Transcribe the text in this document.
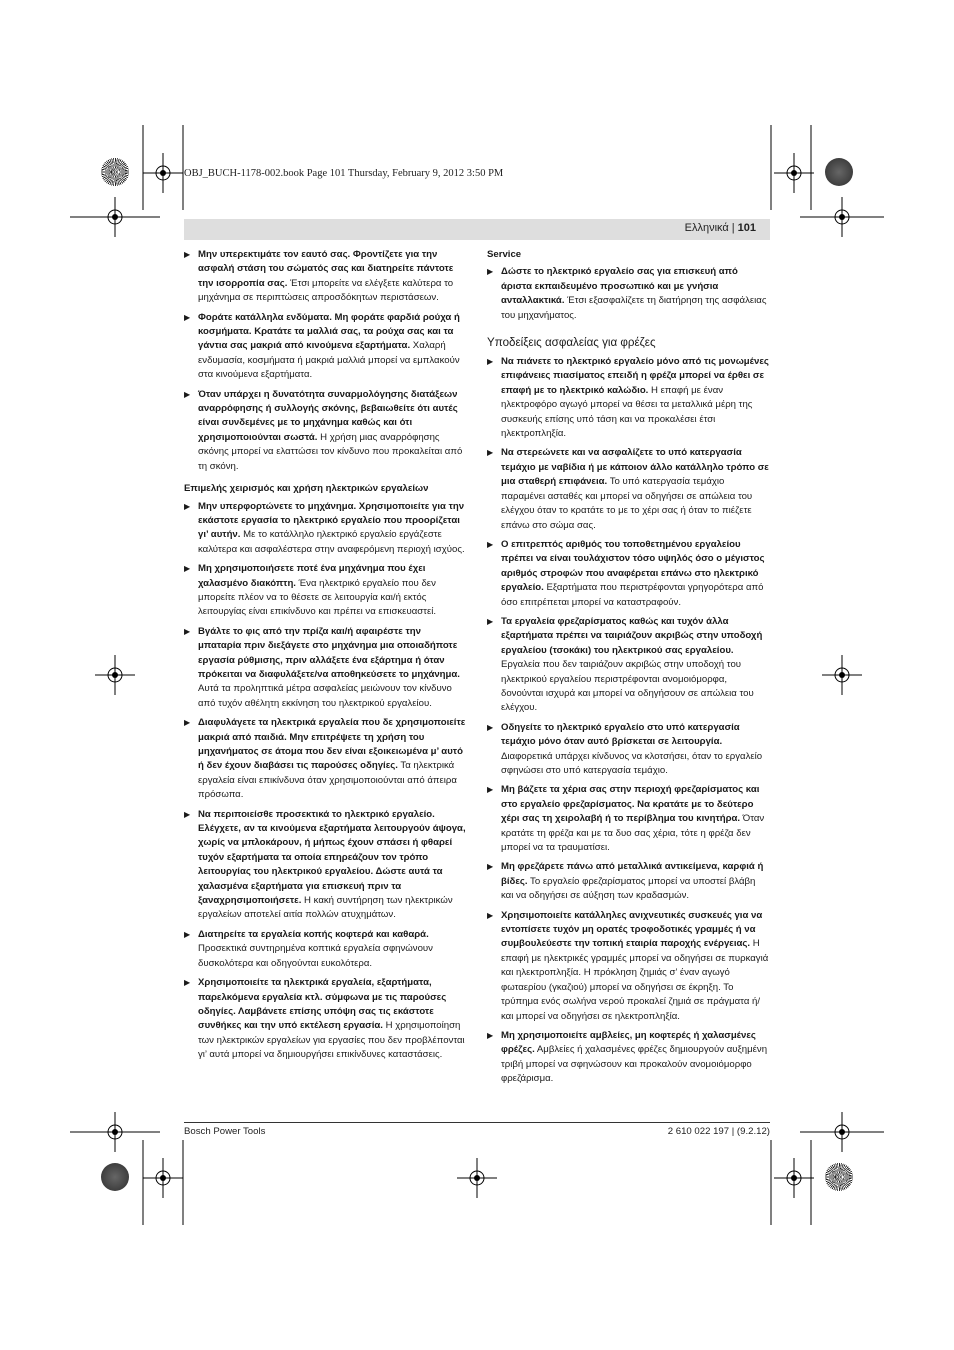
OBJ_BUCH-1178-002.book Page 101 Thursday, February 9, 2012 3:50 PM
Ελληνικά | 101

▶ Μην υπερεκτιμάτε τον εαυτό σας. Φροντίζετε για την ασφαλή στάση του σώματός σας και διατηρείτε πάντοτε την ισορροπία σας. Έτσι μπορείτε να ελέγξετε καλύτερα το μηχάνημα σε περιπτώσεις απροσδόκητων περιστάσεων.

▶ Φοράτε κατάλληλα ενδύματα. Μη φοράτε φαρδιά ρούχα ή κοσμήματα. Κρατάτε τα μαλλιά σας, τα ρούχα σας και τα γάντια σας μακριά από κινούμενα εξαρτήματα. Χαλαρή ενδυμασία, κοσμήματα ή μακριά μαλλιά μπορεί να εμπλακούν στα κινούμενα εξαρτήματα.

▶ Όταν υπάρχει η δυνατότητα συναρμολόγησης διατάξεων αναρρόφησης ή συλλογής σκόνης, βεβαιωθείτε ότι αυτές είναι συνδεμένες με το μηχάνημα καθώς και ότι χρησιμοποιούνται σωστά. Η χρήση μιας αναρρόφησης σκόνης μπορεί να ελαττώσει τον κίνδυνο που προκαλείται από τη σκόνη.

Επιμελής χειρισμός και χρήση ηλεκτρικών εργαλείων

▶ Μην υπερφορτώνετε το μηχάνημα. Χρησιμοποιείτε για την εκάστοτε εργασία το ηλεκτρικό εργαλείο που προορίζεται γι’ αυτήν. Με το κατάλληλο ηλεκτρικό εργαλείο εργάζεστε καλύτερα και ασφαλέστερα στην αναφερόμενη περιοχή ισχύος.

▶ Μη χρησιμοποιήσετε ποτέ ένα μηχάνημα που έχει χαλασμένο διακόπτη. Ένα ηλεκτρικό εργαλείο που δεν μπορείτε πλέον να το θέσετε σε λειτουργία και/ή εκτός λειτουργίας είναι επικίνδυνο και πρέπει να επισκευαστεί.

▶ Βγάλτε το φις από την πρίζα και/ή αφαιρέστε την μπαταρία πριν διεξάγετε στο μηχάνημα μια οποιαδήποτε εργασία ρύθμισης, πριν αλλάξετε ένα εξάρτημα ή όταν πρόκειται να διαφυλάξετε/να αποθηκεύσετε το μηχάνημα. Αυτά τα προληπτικά μέτρα ασφαλείας μειώνουν τον κίνδυνο από τυχόν αθέλητη εκκίνηση του ηλεκτρικού εργαλείου.

▶ Διαφυλάγετε τα ηλεκτρικά εργαλεία που δε χρησιμοποιείτε μακριά από παιδιά. Μην επιτρέψετε τη χρήση του μηχανήματος σε άτομα που δεν είναι εξοικειωμένα μ’ αυτό ή δεν έχουν διαβάσει τις παρούσες οδηγίες. Τα ηλεκτρικά εργαλεία είναι επικίνδυνα όταν χρησιμοποιούνται από άπειρα πρόσωπα.

▶ Να περιποιείσθε προσεκτικά το ηλεκτρικό εργαλείο. Ελέγχετε, αν τα κινούμενα εξαρτήματα λειτουργούν άψογα, χωρίς να μπλοκάρουν, ή μήπως έχουν σπάσει ή φθαρεί τυχόν εξαρτήματα τα οποία επηρεάζουν τον τρόπο λειτουργίας του ηλεκτρικού εργαλείου. Δώστε αυτά τα χαλασμένα εξαρτήματα για επισκευή πριν τα ξαναχρησιμοποιήσετε. Η κακή συντήρηση των ηλεκτρικών εργαλείων αποτελεί αιτία πολλών ατυχημάτων.

▶ Διατηρείτε τα εργαλεία κοπής κοφτερά και καθαρά. Προσεκτικά συντηρημένα κοπτικά εργαλεία σφηνώνουν δυσκολότερα και οδηγούνται ευκολότερα.

▶ Χρησιμοποιείτε τα ηλεκτρικά εργαλεία, εξαρτήματα, παρελκόμενα εργαλεία κτλ. σύμφωνα με τις παρούσες οδηγίες. Λαμβάνετε επίσης υπόψη σας τις εκάστοτε συνθήκες και την υπό εκτέλεση εργασία. Η χρησιμοποίηση των ηλεκτρικών εργαλείων για εργασίες που δεν προβλέπονται γι’ αυτά μπορεί να δημιουργήσει επικίνδυνες καταστάσεις.

Service

▶ Δώστε το ηλεκτρικό εργαλείο σας για επισκευή από άριστα εκπαιδευμένο προσωπικό και με γνήσια ανταλλακτικά. Έτσι εξασφαλίζετε τη διατήρηση της ασφάλειας του μηχανήματος.

Υποδείξεις ασφαλείας για φρέζες

▶ Να πιάνετε το ηλεκτρικό εργαλείο μόνο από τις μονωμένες επιφάνειες πιασίματος επειδή η φρέζα μπορεί να έρθει σε επαφή με το ηλεκτρικό καλώδιο. Η επαφή με έναν ηλεκτροφόρο αγωγό μπορεί να θέσει τα μεταλλικά μέρη της συσκευής επίσης υπό τάση και να προκαλέσει έτσι ηλεκτροπληξία.

▶ Να στερεώνετε και να ασφαλίζετε το υπό κατεργασία τεμάχιο με ναβίδια ή με κάποιον άλλο κατάλληλο τρόπο σε μια σταθερή επιφάνεια. Το υπό κατεργασία τεμάχιο παραμένει ασταθές και μπορεί να οδηγήσει σε απώλεια του ελέγχου όταν το κρατάτε το με το χέρι σας ή όταν το πιέζετε επάνω στο σώμα σας.

▶ Ο επιτρεπτός αριθμός του τοποθετημένου εργαλείου πρέπει να είναι τουλάχιστον τόσο υψηλός όσο ο μέγιστος αριθμός στροφών που αναφέρεται επάνω στο ηλεκτρικό εργαλείο. Εξαρτήματα που περιστρέφονται γρηγορότερα από όσο επιτρέπεται μπορεί να καταστραφούν.

▶ Τα εργαλεία φρεζαρίσματος καθώς και τυχόν άλλα εξαρτήματα πρέπει να ταιριάζουν ακριβώς στην υποδοχή εργαλείου (τσοκάκι) του ηλεκτρικού σας εργαλείου. Εργαλεία που δεν ταιριάζουν ακριβώς στην υποδοχή του ηλεκτρικού εργαλείου περιστρέφονται ανομοιόμορφα, δονούνται ισχυρά και μπορεί να οδηγήσουν σε απώλεια του ελέγχου.

▶ Οδηγείτε το ηλεκτρικό εργαλείο στο υπό κατεργασία τεμάχιο μόνο όταν αυτό βρίσκεται σε λειτουργία. Διαφορετικά υπάρχει κίνδυνος να κλοτσήσει, όταν το εργαλείο σφηνώσει στο υπό κατεργασία τεμάχιο.

▶ Μη βάζετε τα χέρια σας στην περιοχή φρεζαρίσματος και στο εργαλείο φρεζαρίσματος. Να κρατάτε με το δεύτερο χέρι σας τη χειρολαβή ή το περίβλημα του κινητήρα. Όταν κρατάτε τη φρέζα και με τα δυο σας χέρια, τότε η φρέζα δεν μπορεί να τα τραυματίσει.

▶ Μη φρεζάρετε πάνω από μεταλλικά αντικείμενα, καρφιά ή βίδες. Το εργαλείο φρεζαρίσματος μπορεί να υποστεί βλάβη και να οδηγήσει σε αύξηση των κραδασμών.

▶ Χρησιμοποιείτε κατάλληλες ανιχνευτικές συσκευές για να εντοπίσετε τυχόν μη ορατές τροφοδοτικές γραμμές ή να συμβουλεύεστε την τοπική εταιρία παροχής ενέργειας. Η επαφή με ηλεκτρικές γραμμές μπορεί να οδηγήσει σε πυρκαγιά και ηλεκτροπληξία. Η πρόκληση ζημιάς σ’ έναν αγωγό φωταερίου (γκαζιού) μπορεί να οδηγήσει σε έκρηξη. Το τρύπημα ενός σωλήνα νερού προκαλεί ζημιά σε πράγματα ή/και μπορεί να οδηγήσει σε ηλεκτροπληξία.

▶ Μη χρησιμοποιείτε αμβλείες, μη κοφτερές ή χαλασμένες φρέζες. Αμβλείες ή χαλασμένες φρέζες δημιουργούν αυξημένη τριβή μπορεί να σφηνώσουν και προκαλούν ανομοιόμορφο φρεζάρισμα.

Bosch Power Tools	2 610 022 197 | (9.2.12)
